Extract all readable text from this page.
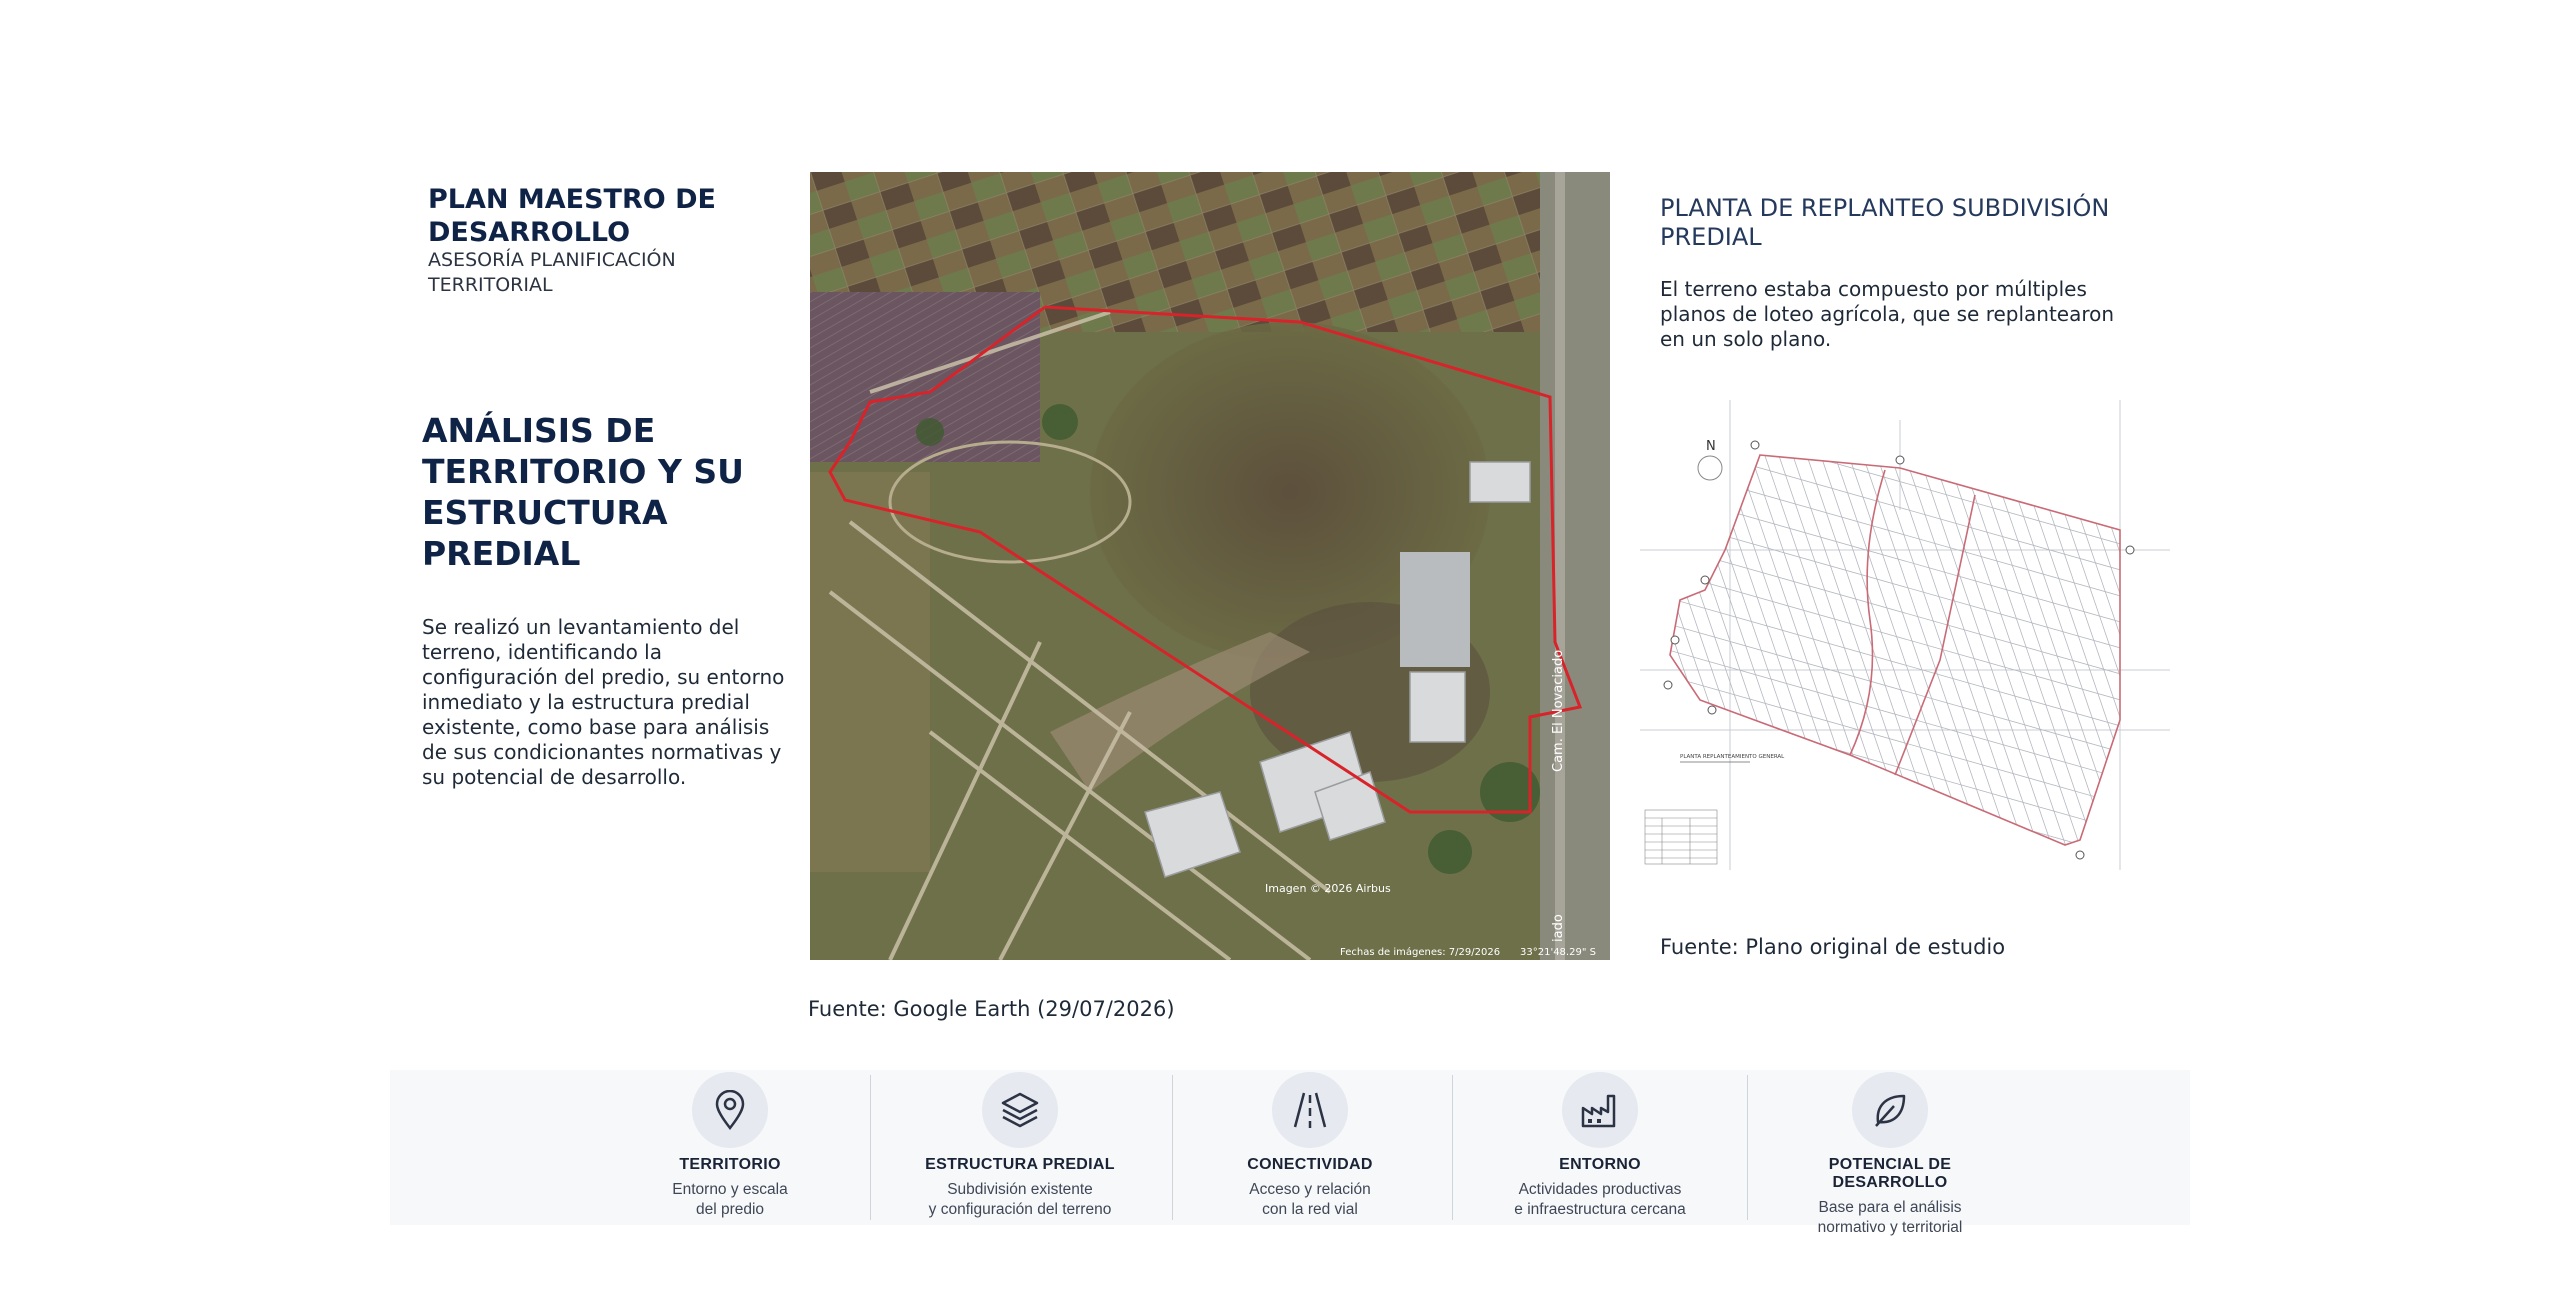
PLAN MAESTRO DE DESARROLLO
ASESORÍA PLANIFICACIÓN TERRITORIAL
ANÁLISIS DE TERRITORIO Y SU ESTRUCTURA PREDIAL
Se realizó un levantamiento del terreno, identificando la configuración del predio, su entorno inmediato y la estructura predial existente, como base para análisis de sus condicionantes normativas y su potencial de desarrollo.
Imagen © 2026 Airbus
Fechas de imágenes: 7/29/2026 33°21'48.29" S
Cam. El Novaciado
iado
Fuente: Google Earth (29/07/2026)
PLANTA DE REPLANTEO SUBDIVISIÓN PREDIAL
El terreno estaba compuesto por múltiples planos de loteo agrícola, que se replantearon en un solo plano.
N
PLANTA REPLANTEAMIENTO GENERAL
Fuente: Plano original de estudio
TERRITORIO
Entorno y escala
del predio
ESTRUCTURA PREDIAL
Subdivisión existente
y configuración del terreno
CONECTIVIDAD
Acceso y relación
con la red vial
ENTORNO
Actividades productivas
e infraestructura cercana
POTENCIAL DE DESARROLLO
Base para el análisis
normativo y territorial
